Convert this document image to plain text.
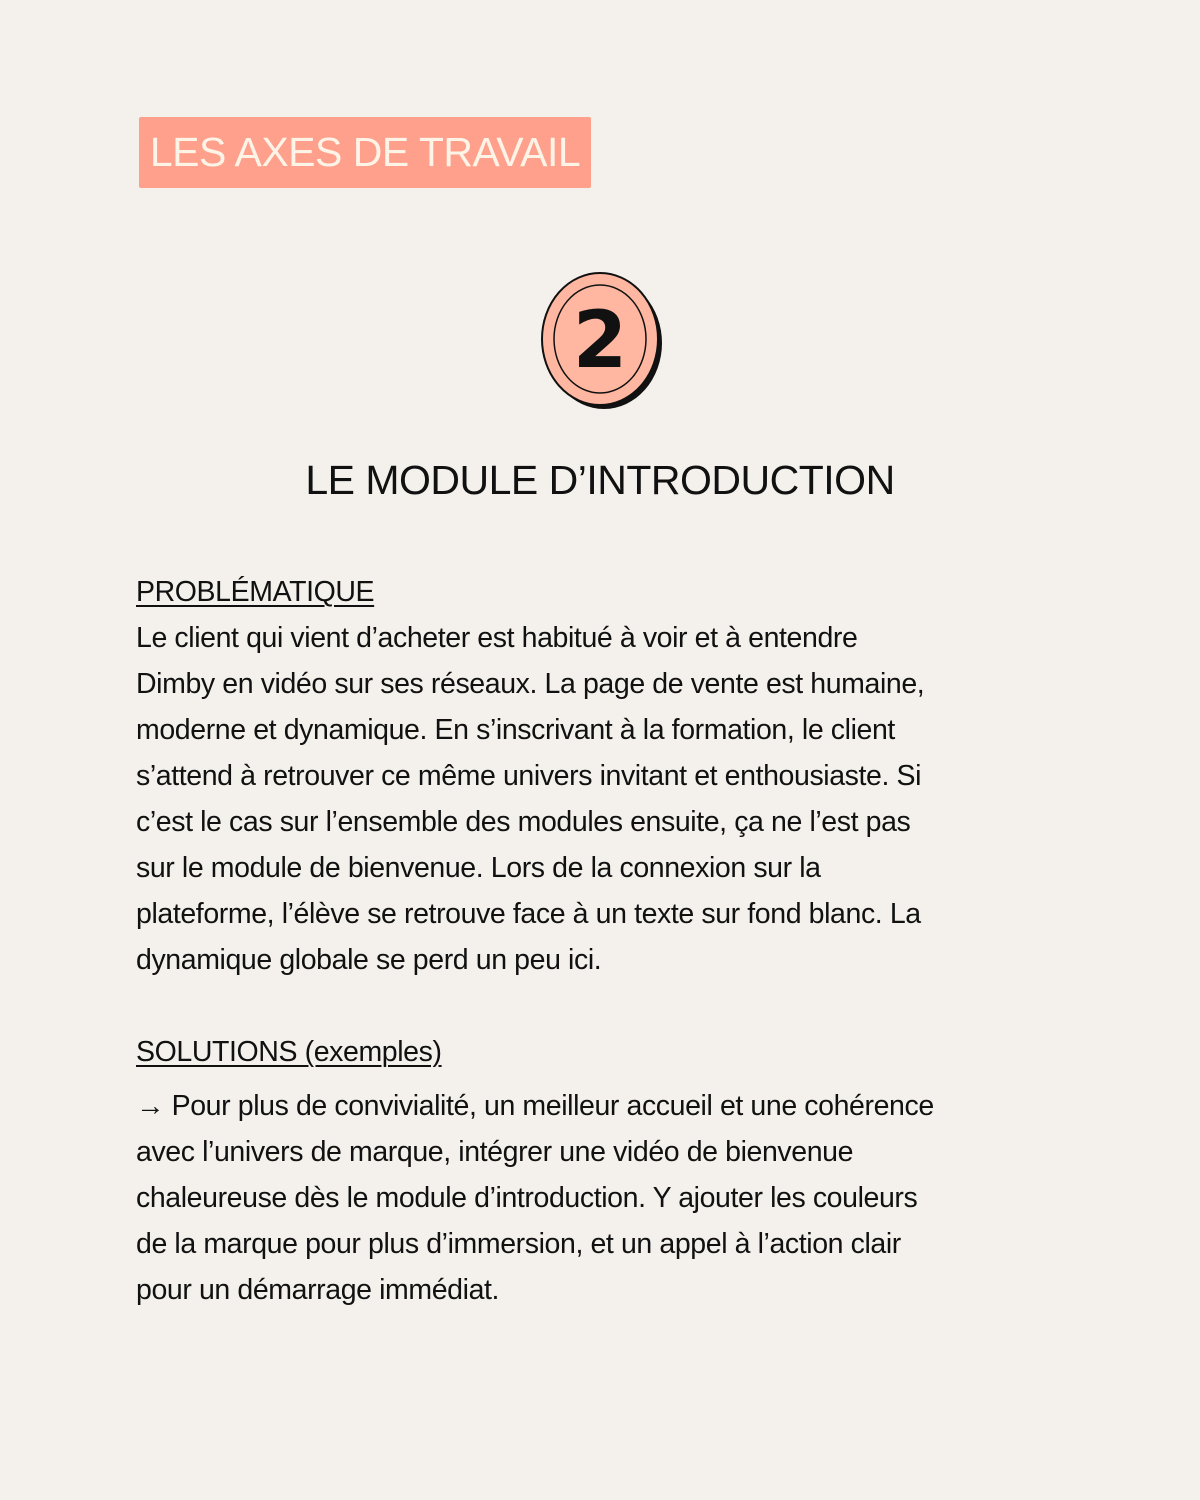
LES AXES DE TRAVAIL
2
LE MODULE D’INTRODUCTION
PROBLÉMATIQUE

Le client qui vient d’acheter est habitué à voir et à entendre

Dimby en vidéo sur ses réseaux. La page de vente est humaine,

moderne et dynamique. En s’inscrivant à la formation, le client

s’attend à retrouver ce même univers invitant et enthousiaste. Si

c’est le cas sur l’ensemble des modules ensuite, ça ne l’est pas

sur le module de bienvenue. Lors de la connexion sur la

plateforme, l’élève se retrouve face à un texte sur fond blanc. La

dynamique globale se perd un peu ici.

SOLUTIONS (exemples)

→ Pour plus de convivialité, un meilleur accueil et une cohérence

avec l’univers de marque, intégrer une vidéo de bienvenue

chaleureuse dès le module d’introduction. Y ajouter les couleurs

de la marque pour plus d’immersion, et un appel à l’action clair

pour un démarrage immédiat.
